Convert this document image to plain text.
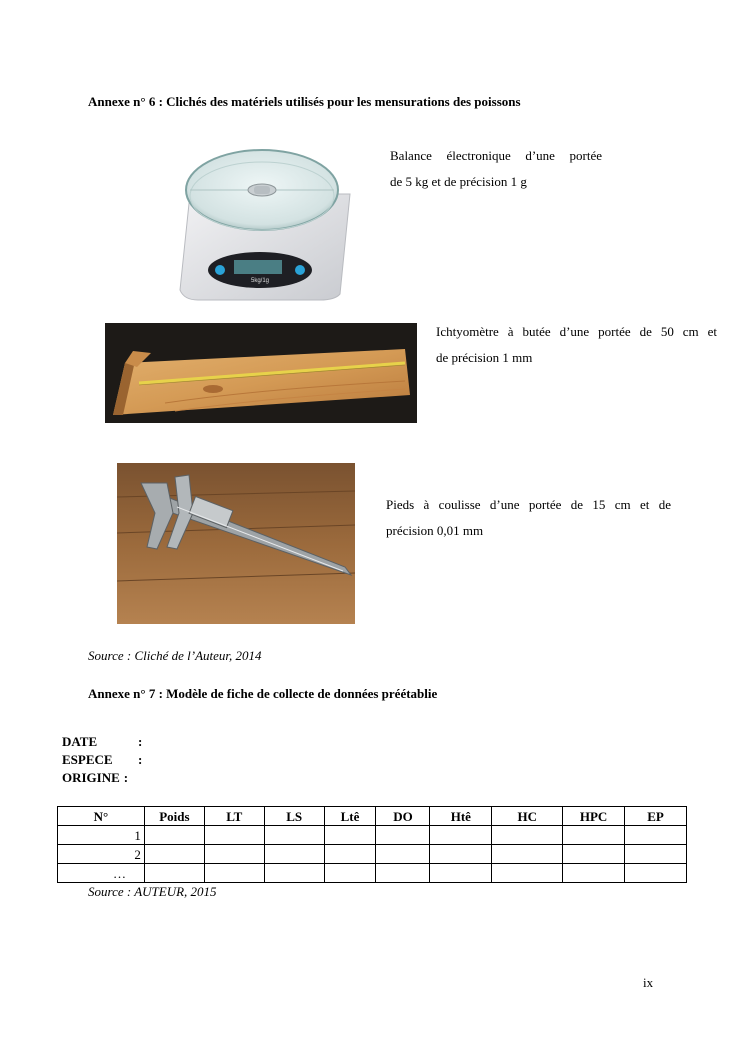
Annexe n° 6 : Clichés des matériels utilisés pour les mensurations des poissons
5kg/1g
Balance électronique d’une portée
de 5 kg et de précision 1 g
Ichtyomètre à butée d’une portée de 50 cm et
de précision 1 mm
Pieds à coulisse d’une portée de 15 cm et de
précision 0,01 mm
Source : Cliché de l’Auteur, 2014
Annexe n° 7 : Modèle de fiche de collecte de données préétablie
DATE	:
ESPECE	:
ORIGINE :
N°	Poids	LT	LS	Ltê	DO	Htê	HC	HPC	EP
1									
2									
…									
Source : AUTEUR, 2015
ix
